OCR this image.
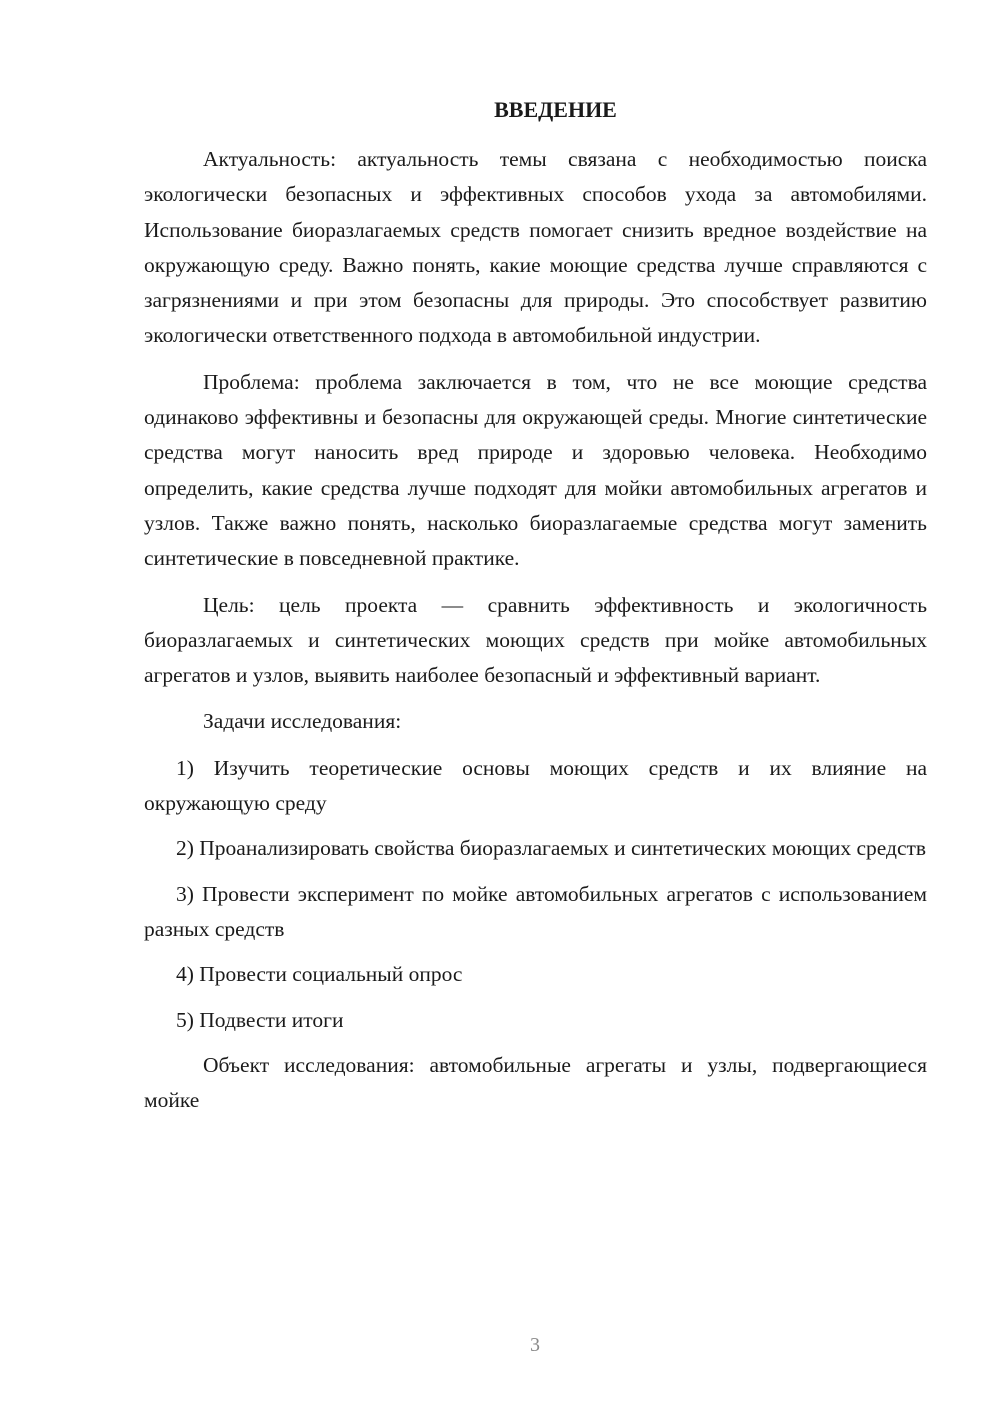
ВВЕДЕНИЕ

Актуальность: актуальность темы связана с необходимостью поиска экологически безопасных и эффективных способов ухода за автомобилями. Использование биоразлагаемых средств помогает снизить вредное воздействие на окружающую среду. Важно понять, какие моющие средства лучше справляются с загрязнениями и при этом безопасны для природы. Это способствует развитию экологически ответственного подхода в автомобильной индустрии.

Проблема: проблема заключается в том, что не все моющие средства одинаково эффективны и безопасны для окружающей среды. Многие синтетические средства могут наносить вред природе и здоровью человека. Необходимо определить, какие средства лучше подходят для мойки автомобильных агрегатов и узлов. Также важно понять, насколько биоразлагаемые средства могут заменить синтетические в повседневной практике.

Цель: цель проекта — сравнить эффективность и экологичность биоразлагаемых и синтетических моющих средств при мойке автомобильных агрегатов и узлов, выявить наиболее безопасный и эффективный вариант.

Задачи исследования:

1) Изучить теоретические основы моющих средств и их влияние на окружающую среду

2) Проанализировать свойства биоразлагаемых и синтетических моющих средств

3) Провести эксперимент по мойке автомобильных агрегатов с использованием разных средств

4) Провести социальный опрос

5) Подвести итоги

Объект исследования: автомобильные агрегаты и узлы, подвергающиеся мойке

3
